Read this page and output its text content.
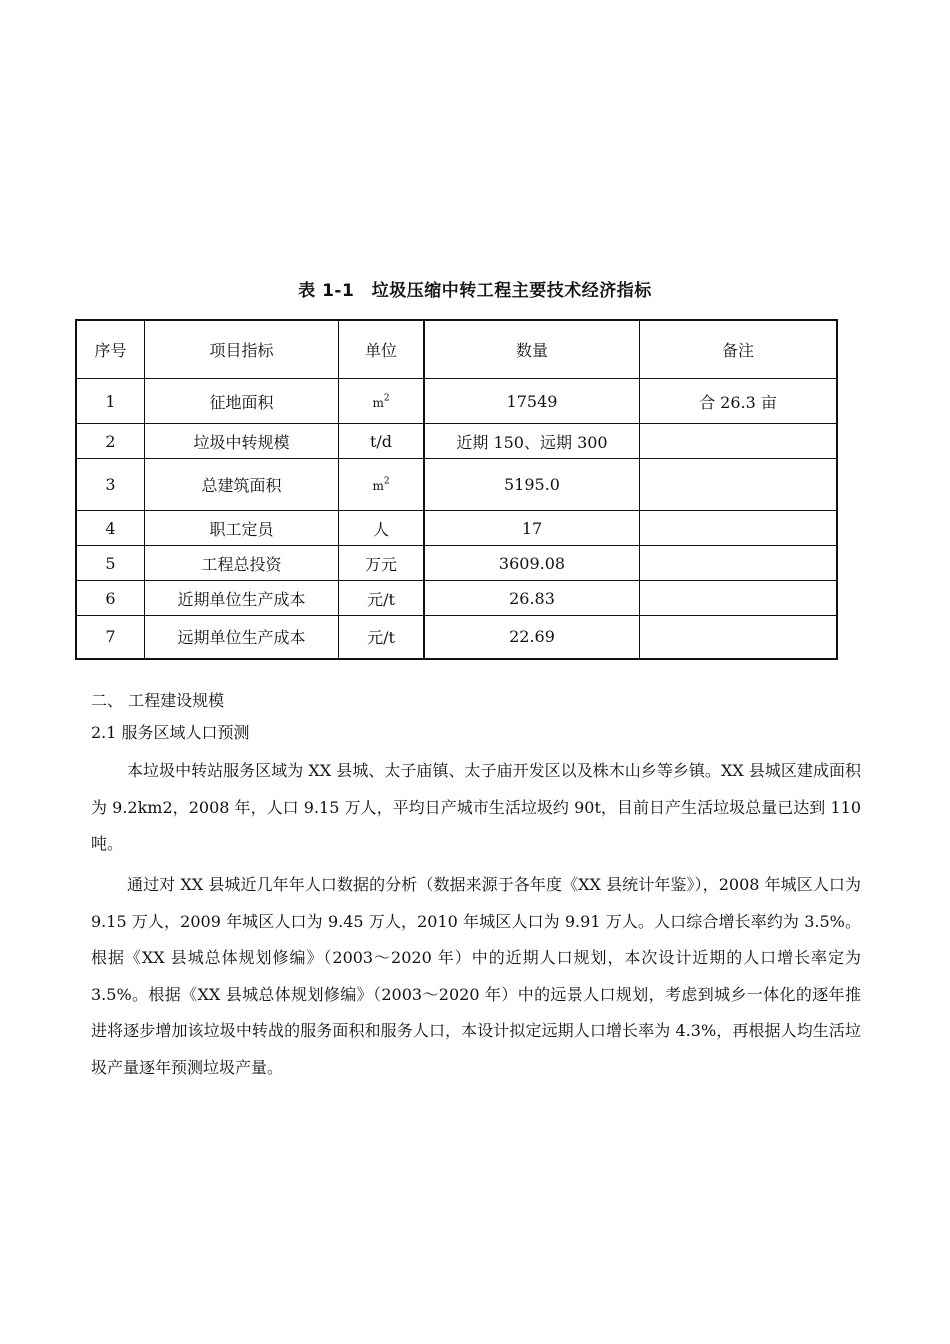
表 1-1　垃圾压缩中转工程主要技术经济指标
序号	项目指标	单位	数量	备注
1	征地面积	$m^2$	17549	合 26.3 亩
2	垃圾中转规模	t/d	近期 150、远期 300	
3	总建筑面积	$m^2$	5195.0	
4	职工定员	人	17	
5	工程总投资	万元	3609.08	
6	近期单位生产成本	元/t	26.83	
7	远期单位生产成本	元/t	22.69	
二、 工程建设规模
2.1 服务区域人口预测

本垃圾中转站服务区域为 XX 县城、太子庙镇、太子庙开发区以及株木山乡等乡镇。XX 县城区建成面积为 9.2km2，2008 年，人口 9.15 万人，平均日产城市生活垃圾约 90t，目前日产生活垃圾总量已达到 110 吨。

通过对 XX 县城近几年年人口数据的分析（数据来源于各年度《XX 县统计年鉴》），2008 年城区人口为 9.15 万人，2009 年城区人口为 9.45 万人，2010 年城区人口为 9.91 万人。人口综合增长率约为 3.5%。根据《XX 县城总体规划修编》（2003～2020 年）中的近期人口规划，本次设计近期的人口增长率定为 3.5%。根据《XX 县城总体规划修编》（2003～2020 年）中的远景人口规划，考虑到城乡一体化的逐年推进将逐步增加该垃圾中转战的服务面积和服务人口，本设计拟定远期人口增长率为 4.3%，再根据人均生活垃圾产量逐年预测垃圾产量。
